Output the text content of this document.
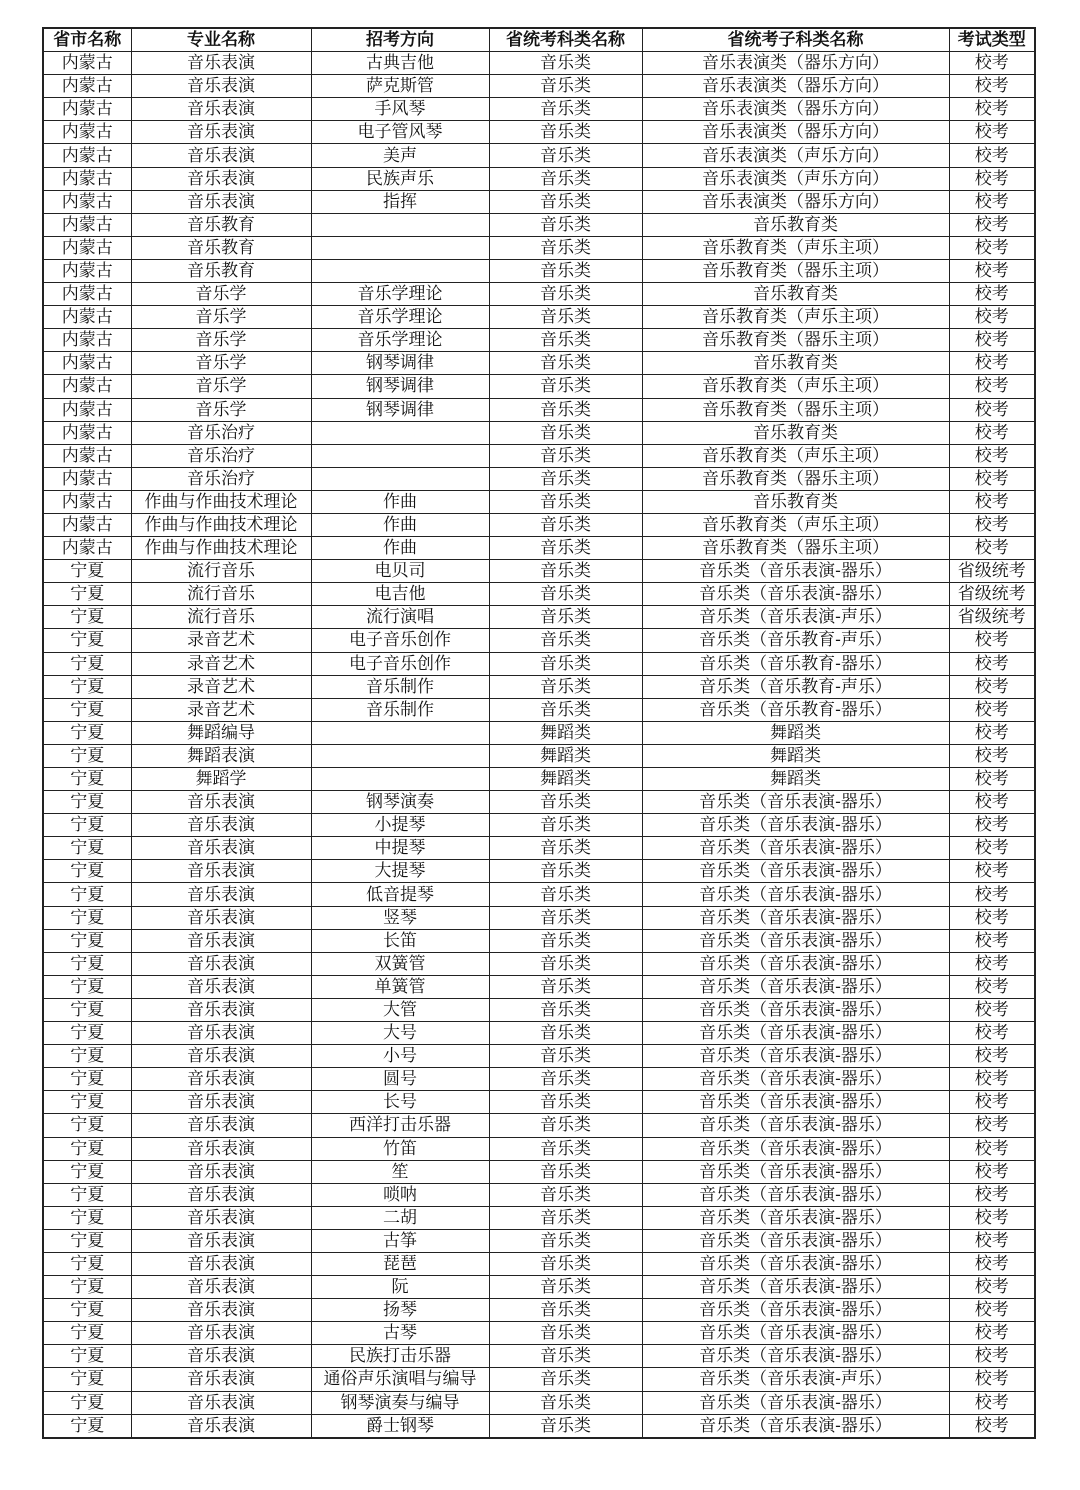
省市名称	专业名称	招考方向	省统考科类名称	省统考子科类名称	考试类型
内蒙古	音乐表演	古典吉他	音乐类	音乐表演类（器乐方向）	校考
内蒙古	音乐表演	萨克斯管	音乐类	音乐表演类（器乐方向）	校考
内蒙古	音乐表演	手风琴	音乐类	音乐表演类（器乐方向）	校考
内蒙古	音乐表演	电子管风琴	音乐类	音乐表演类（器乐方向）	校考
内蒙古	音乐表演	美声	音乐类	音乐表演类（声乐方向）	校考
内蒙古	音乐表演	民族声乐	音乐类	音乐表演类（声乐方向）	校考
内蒙古	音乐表演	指挥	音乐类	音乐表演类（器乐方向）	校考
内蒙古	音乐教育		音乐类	音乐教育类	校考
内蒙古	音乐教育		音乐类	音乐教育类（声乐主项）	校考
内蒙古	音乐教育		音乐类	音乐教育类（器乐主项）	校考
内蒙古	音乐学	音乐学理论	音乐类	音乐教育类	校考
内蒙古	音乐学	音乐学理论	音乐类	音乐教育类（声乐主项）	校考
内蒙古	音乐学	音乐学理论	音乐类	音乐教育类（器乐主项）	校考
内蒙古	音乐学	钢琴调律	音乐类	音乐教育类	校考
内蒙古	音乐学	钢琴调律	音乐类	音乐教育类（声乐主项）	校考
内蒙古	音乐学	钢琴调律	音乐类	音乐教育类（器乐主项）	校考
内蒙古	音乐治疗		音乐类	音乐教育类	校考
内蒙古	音乐治疗		音乐类	音乐教育类（声乐主项）	校考
内蒙古	音乐治疗		音乐类	音乐教育类（器乐主项）	校考
内蒙古	作曲与作曲技术理论	作曲	音乐类	音乐教育类	校考
内蒙古	作曲与作曲技术理论	作曲	音乐类	音乐教育类（声乐主项）	校考
内蒙古	作曲与作曲技术理论	作曲	音乐类	音乐教育类（器乐主项）	校考
宁夏	流行音乐	电贝司	音乐类	音乐类（音乐表演-器乐）	省级统考
宁夏	流行音乐	电吉他	音乐类	音乐类（音乐表演-器乐）	省级统考
宁夏	流行音乐	流行演唱	音乐类	音乐类（音乐表演-声乐）	省级统考
宁夏	录音艺术	电子音乐创作	音乐类	音乐类（音乐教育-声乐）	校考
宁夏	录音艺术	电子音乐创作	音乐类	音乐类（音乐教育-器乐）	校考
宁夏	录音艺术	音乐制作	音乐类	音乐类（音乐教育-声乐）	校考
宁夏	录音艺术	音乐制作	音乐类	音乐类（音乐教育-器乐）	校考
宁夏	舞蹈编导		舞蹈类	舞蹈类	校考
宁夏	舞蹈表演		舞蹈类	舞蹈类	校考
宁夏	舞蹈学		舞蹈类	舞蹈类	校考
宁夏	音乐表演	钢琴演奏	音乐类	音乐类（音乐表演-器乐）	校考
宁夏	音乐表演	小提琴	音乐类	音乐类（音乐表演-器乐）	校考
宁夏	音乐表演	中提琴	音乐类	音乐类（音乐表演-器乐）	校考
宁夏	音乐表演	大提琴	音乐类	音乐类（音乐表演-器乐）	校考
宁夏	音乐表演	低音提琴	音乐类	音乐类（音乐表演-器乐）	校考
宁夏	音乐表演	竖琴	音乐类	音乐类（音乐表演-器乐）	校考
宁夏	音乐表演	长笛	音乐类	音乐类（音乐表演-器乐）	校考
宁夏	音乐表演	双簧管	音乐类	音乐类（音乐表演-器乐）	校考
宁夏	音乐表演	单簧管	音乐类	音乐类（音乐表演-器乐）	校考
宁夏	音乐表演	大管	音乐类	音乐类（音乐表演-器乐）	校考
宁夏	音乐表演	大号	音乐类	音乐类（音乐表演-器乐）	校考
宁夏	音乐表演	小号	音乐类	音乐类（音乐表演-器乐）	校考
宁夏	音乐表演	圆号	音乐类	音乐类（音乐表演-器乐）	校考
宁夏	音乐表演	长号	音乐类	音乐类（音乐表演-器乐）	校考
宁夏	音乐表演	西洋打击乐器	音乐类	音乐类（音乐表演-器乐）	校考
宁夏	音乐表演	竹笛	音乐类	音乐类（音乐表演-器乐）	校考
宁夏	音乐表演	笙	音乐类	音乐类（音乐表演-器乐）	校考
宁夏	音乐表演	唢呐	音乐类	音乐类（音乐表演-器乐）	校考
宁夏	音乐表演	二胡	音乐类	音乐类（音乐表演-器乐）	校考
宁夏	音乐表演	古筝	音乐类	音乐类（音乐表演-器乐）	校考
宁夏	音乐表演	琵琶	音乐类	音乐类（音乐表演-器乐）	校考
宁夏	音乐表演	阮	音乐类	音乐类（音乐表演-器乐）	校考
宁夏	音乐表演	扬琴	音乐类	音乐类（音乐表演-器乐）	校考
宁夏	音乐表演	古琴	音乐类	音乐类（音乐表演-器乐）	校考
宁夏	音乐表演	民族打击乐器	音乐类	音乐类（音乐表演-器乐）	校考
宁夏	音乐表演	通俗声乐演唱与编导	音乐类	音乐类（音乐表演-声乐）	校考
宁夏	音乐表演	钢琴演奏与编导	音乐类	音乐类（音乐表演-器乐）	校考
宁夏	音乐表演	爵士钢琴	音乐类	音乐类（音乐表演-器乐）	校考
